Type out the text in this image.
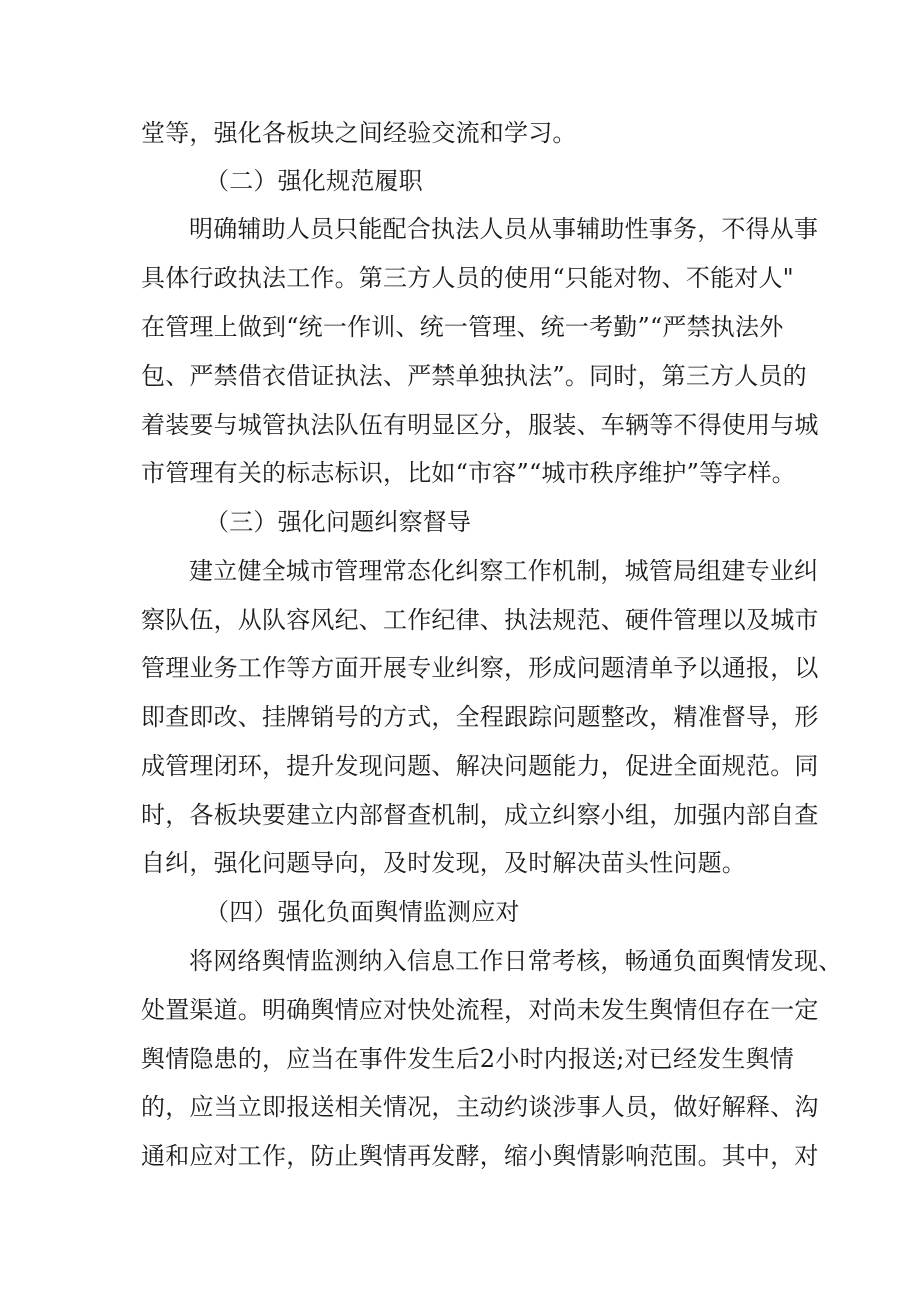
堂等，强化各板块之间经验交流和学习。
（二）强化规范履职
明确辅助人员只能配合执法人员从事辅助性事务，不得从事
具体行政执法工作。第三方人员的使用“只能对物、不能对人"
在管理上做到“统一作训、统一管理、统一考勤”“严禁执法外
包、严禁借衣借证执法、严禁单独执法”。同时，第三方人员的
着装要与城管执法队伍有明显区分，服装、车辆等不得使用与城
市管理有关的标志标识，比如“市容”“城市秩序维护”等字样。
（三）强化问题纠察督导
建立健全城市管理常态化纠察工作机制，城管局组建专业纠
察队伍，从队容风纪、工作纪律、执法规范、硬件管理以及城市
管理业务工作等方面开展专业纠察，形成问题清单予以通报，以
即查即改、挂牌销号的方式，全程跟踪问题整改，精准督导，形
成管理闭环，提升发现问题、解决问题能力，促进全面规范。同
时，各板块要建立内部督查机制，成立纠察小组，加强内部自查
自纠，强化问题导向，及时发现，及时解决苗头性问题。
（四）强化负面舆情监测应对
将网络舆情监测纳入信息工作日常考核，畅通负面舆情发现、
处置渠道。明确舆情应对快处流程，对尚未发生舆情但存在一定
舆情隐患的，应当在事件发生后2小时内报送;对已经发生舆情
的，应当立即报送相关情况，主动约谈涉事人员，做好解释、沟
通和应对工作，防止舆情再发酵，缩小舆情影响范围。其中，对
